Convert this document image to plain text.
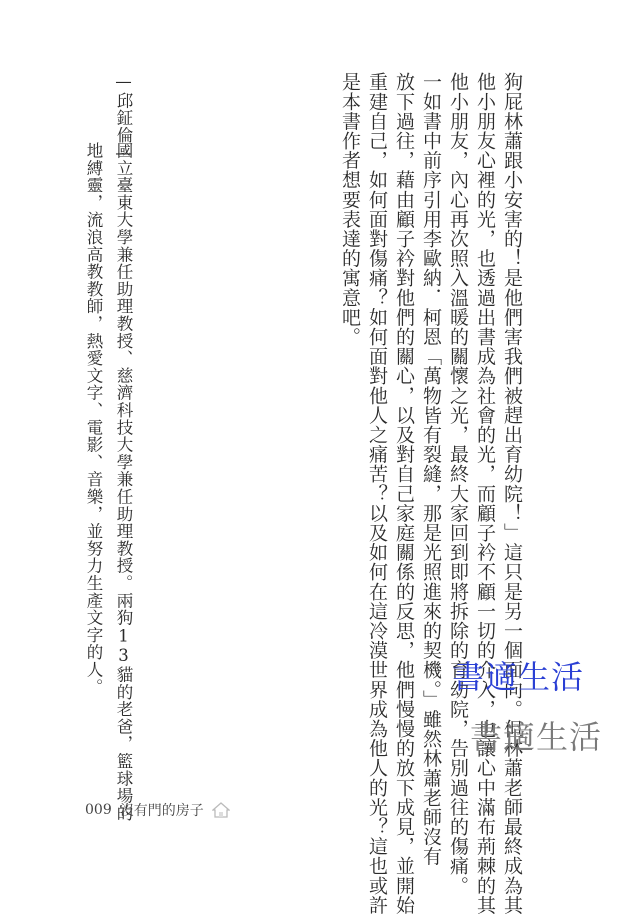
狗屁林蕭跟小安害的！是他們害我們被趕出育幼院！」這只是另一個面向。但林蕭老師最終成為其

他小朋友心裡的光，也透過出書成為社會的光，而顧子衿不顧一切的介入，也讓心中滿布荊棘的其

他小朋友，內心再次照入溫暖的關懷之光，最終大家回到即將拆除的育幼院，告別過往的傷痛。

一如書中前序引用李歐納．柯恩「萬物皆有裂縫，那是光照進來的契機。」雖然林蕭老師沒有

放下過往，藉由顧子衿對他們的關心，以及對自己家庭關係的反思，他們慢慢的放下成見，並開始

重建自己，如何面對傷痛？如何面對他人之痛苦？以及如何在這冷漠世界成為他人的光？這也或許

是本書作者想要表達的寓意吧。

—邱鉦倫—

國立臺東大學兼任助理教授、慈濟科技大學兼任助理教授。兩狗13貓的老爸，籃球場的

地縛靈，流浪高教教師，熱愛文字、電影、音樂，並努力生產文字的人。

009 沒有門的房子
書適生活
書適生活
